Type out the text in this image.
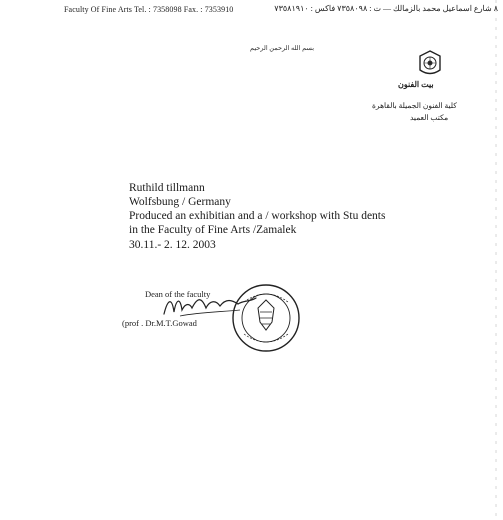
Faculty Of Fine Arts Tel. : 7358098 Fax. : 7353910	٨ شارع اسماعيل محمد بالزمالك — ت : ٧٣٥٨٠٩٨ فاكس : ٧٣٥٨١٩١٠
بسم الله الرحمن الرحيم
بيت الفنون
كلية الفنون الجميلة بالقاهرة
مكتب العميد
Ruthild tillmann
Wolfsbung / Germany
Produced an exhibitian and a / workshop with Stu dents
in the Faculty of Fine Arts /Zamalek
30.11.- 2. 12. 2003
Dean of the faculty
(prof . Dr.M.T.Gowad
